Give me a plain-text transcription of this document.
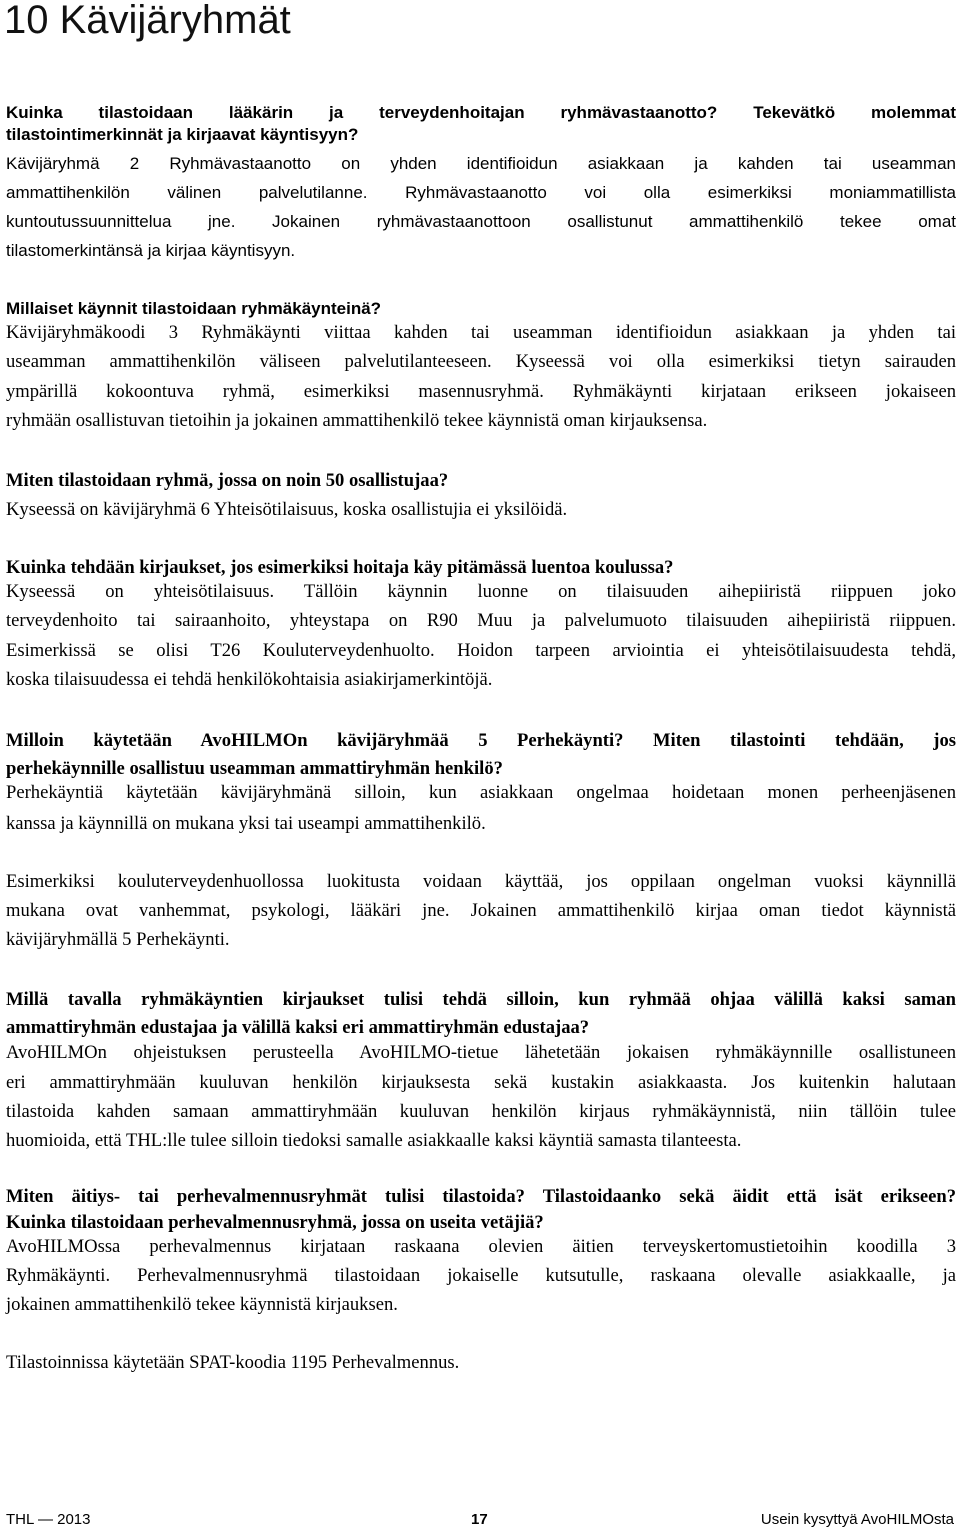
10 Kävijäryhmät
Kuinka tilastoidaan lääkärin ja terveydenhoitajan ryhmävastaanotto? Tekevätkö molemmat
tilastointimerkinnät ja kirjaavat käyntisyyn?
Kävijäryhmä 2 Ryhmävastaanotto on yhden identifioidun asiakkaan ja kahden tai useamman
ammattihenkilön välinen palvelutilanne. Ryhmävastaanotto voi olla esimerkiksi moniammatillista
kuntoutussuunnittelua jne. Jokainen ryhmävastaanottoon osallistunut ammattihenkilö tekee omat
tilastomerkintänsä ja kirjaa käyntisyyn.
Millaiset käynnit tilastoidaan ryhmäkäynteinä?
Kävijäryhmäkoodi 3 Ryhmäkäynti viittaa kahden tai useamman identifioidun asiakkaan ja yhden tai
useamman ammattihenkilön väliseen palvelutilanteeseen. Kyseessä voi olla esimerkiksi tietyn sairauden
ympärillä kokoontuva ryhmä, esimerkiksi masennusryhmä. Ryhmäkäynti kirjataan erikseen jokaiseen
ryhmään osallistuvan tietoihin ja jokainen ammattihenkilö tekee käynnistä oman kirjauksensa.
Miten tilastoidaan ryhmä, jossa on noin 50 osallistujaa?
Kyseessä on kävijäryhmä 6 Yhteisötilaisuus, koska osallistujia ei yksilöidä.
Kuinka tehdään kirjaukset, jos esimerkiksi hoitaja käy pitämässä luentoa koulussa?
Kyseessä on yhteisötilaisuus. Tällöin käynnin luonne on tilaisuuden aihepiiristä riippuen joko
terveydenhoito tai sairaanhoito, yhteystapa on R90 Muu ja palvelumuoto tilaisuuden aihepiiristä riippuen.
Esimerkissä se olisi T26 Kouluterveydenhuolto. Hoidon tarpeen arviointia ei yhteisötilaisuudesta tehdä,
koska tilaisuudessa ei tehdä henkilökohtaisia asiakirjamerkintöjä.
Milloin käytetään AvoHILMOn kävijäryhmää 5 Perhekäynti? Miten tilastointi tehdään, jos
perhekäynnille osallistuu useamman ammattiryhmän henkilö?
Perhekäyntiä käytetään kävijäryhmänä silloin, kun asiakkaan ongelmaa hoidetaan monen perheenjäsenen
kanssa ja käynnillä on mukana yksi tai useampi ammattihenkilö.
Esimerkiksi kouluterveydenhuollossa luokitusta voidaan käyttää, jos oppilaan ongelman vuoksi käynnillä
mukana ovat vanhemmat, psykologi, lääkäri jne. Jokainen ammattihenkilö kirjaa oman tiedot käynnistä
kävijäryhmällä 5 Perhekäynti.
Millä tavalla ryhmäkäyntien kirjaukset tulisi tehdä silloin, kun ryhmää ohjaa välillä kaksi saman
ammattiryhmän edustajaa ja välillä kaksi eri ammattiryhmän edustajaa?
AvoHILMOn ohjeistuksen perusteella AvoHILMO-tietue lähetetään jokaisen ryhmäkäynnille osallistuneen
eri ammattiryhmään kuuluvan henkilön kirjauksesta sekä kustakin asiakkaasta. Jos kuitenkin halutaan
tilastoida kahden samaan ammattiryhmään kuuluvan henkilön kirjaus ryhmäkäynnistä, niin tällöin tulee
huomioida, että THL:lle tulee silloin tiedoksi samalle asiakkaalle kaksi käyntiä samasta tilanteesta.
Miten äitiys- tai perhevalmennusryhmät tulisi tilastoida? Tilastoidaanko sekä äidit että isät erikseen?
Kuinka tilastoidaan perhevalmennusryhmä, jossa on useita vetäjiä?
AvoHILMOssa perhevalmennus kirjataan raskaana olevien äitien terveyskertomustietoihin koodilla 3
Ryhmäkäynti. Perhevalmennusryhmä tilastoidaan jokaiselle kutsutulle, raskaana olevalle asiakkaalle, ja
jokainen ammattihenkilö tekee käynnistä kirjauksen.
Tilastoinnissa käytetään SPAT-koodia 1195 Perhevalmennus.
THL — 2013	17	Usein kysyttyä AvoHILMOsta
